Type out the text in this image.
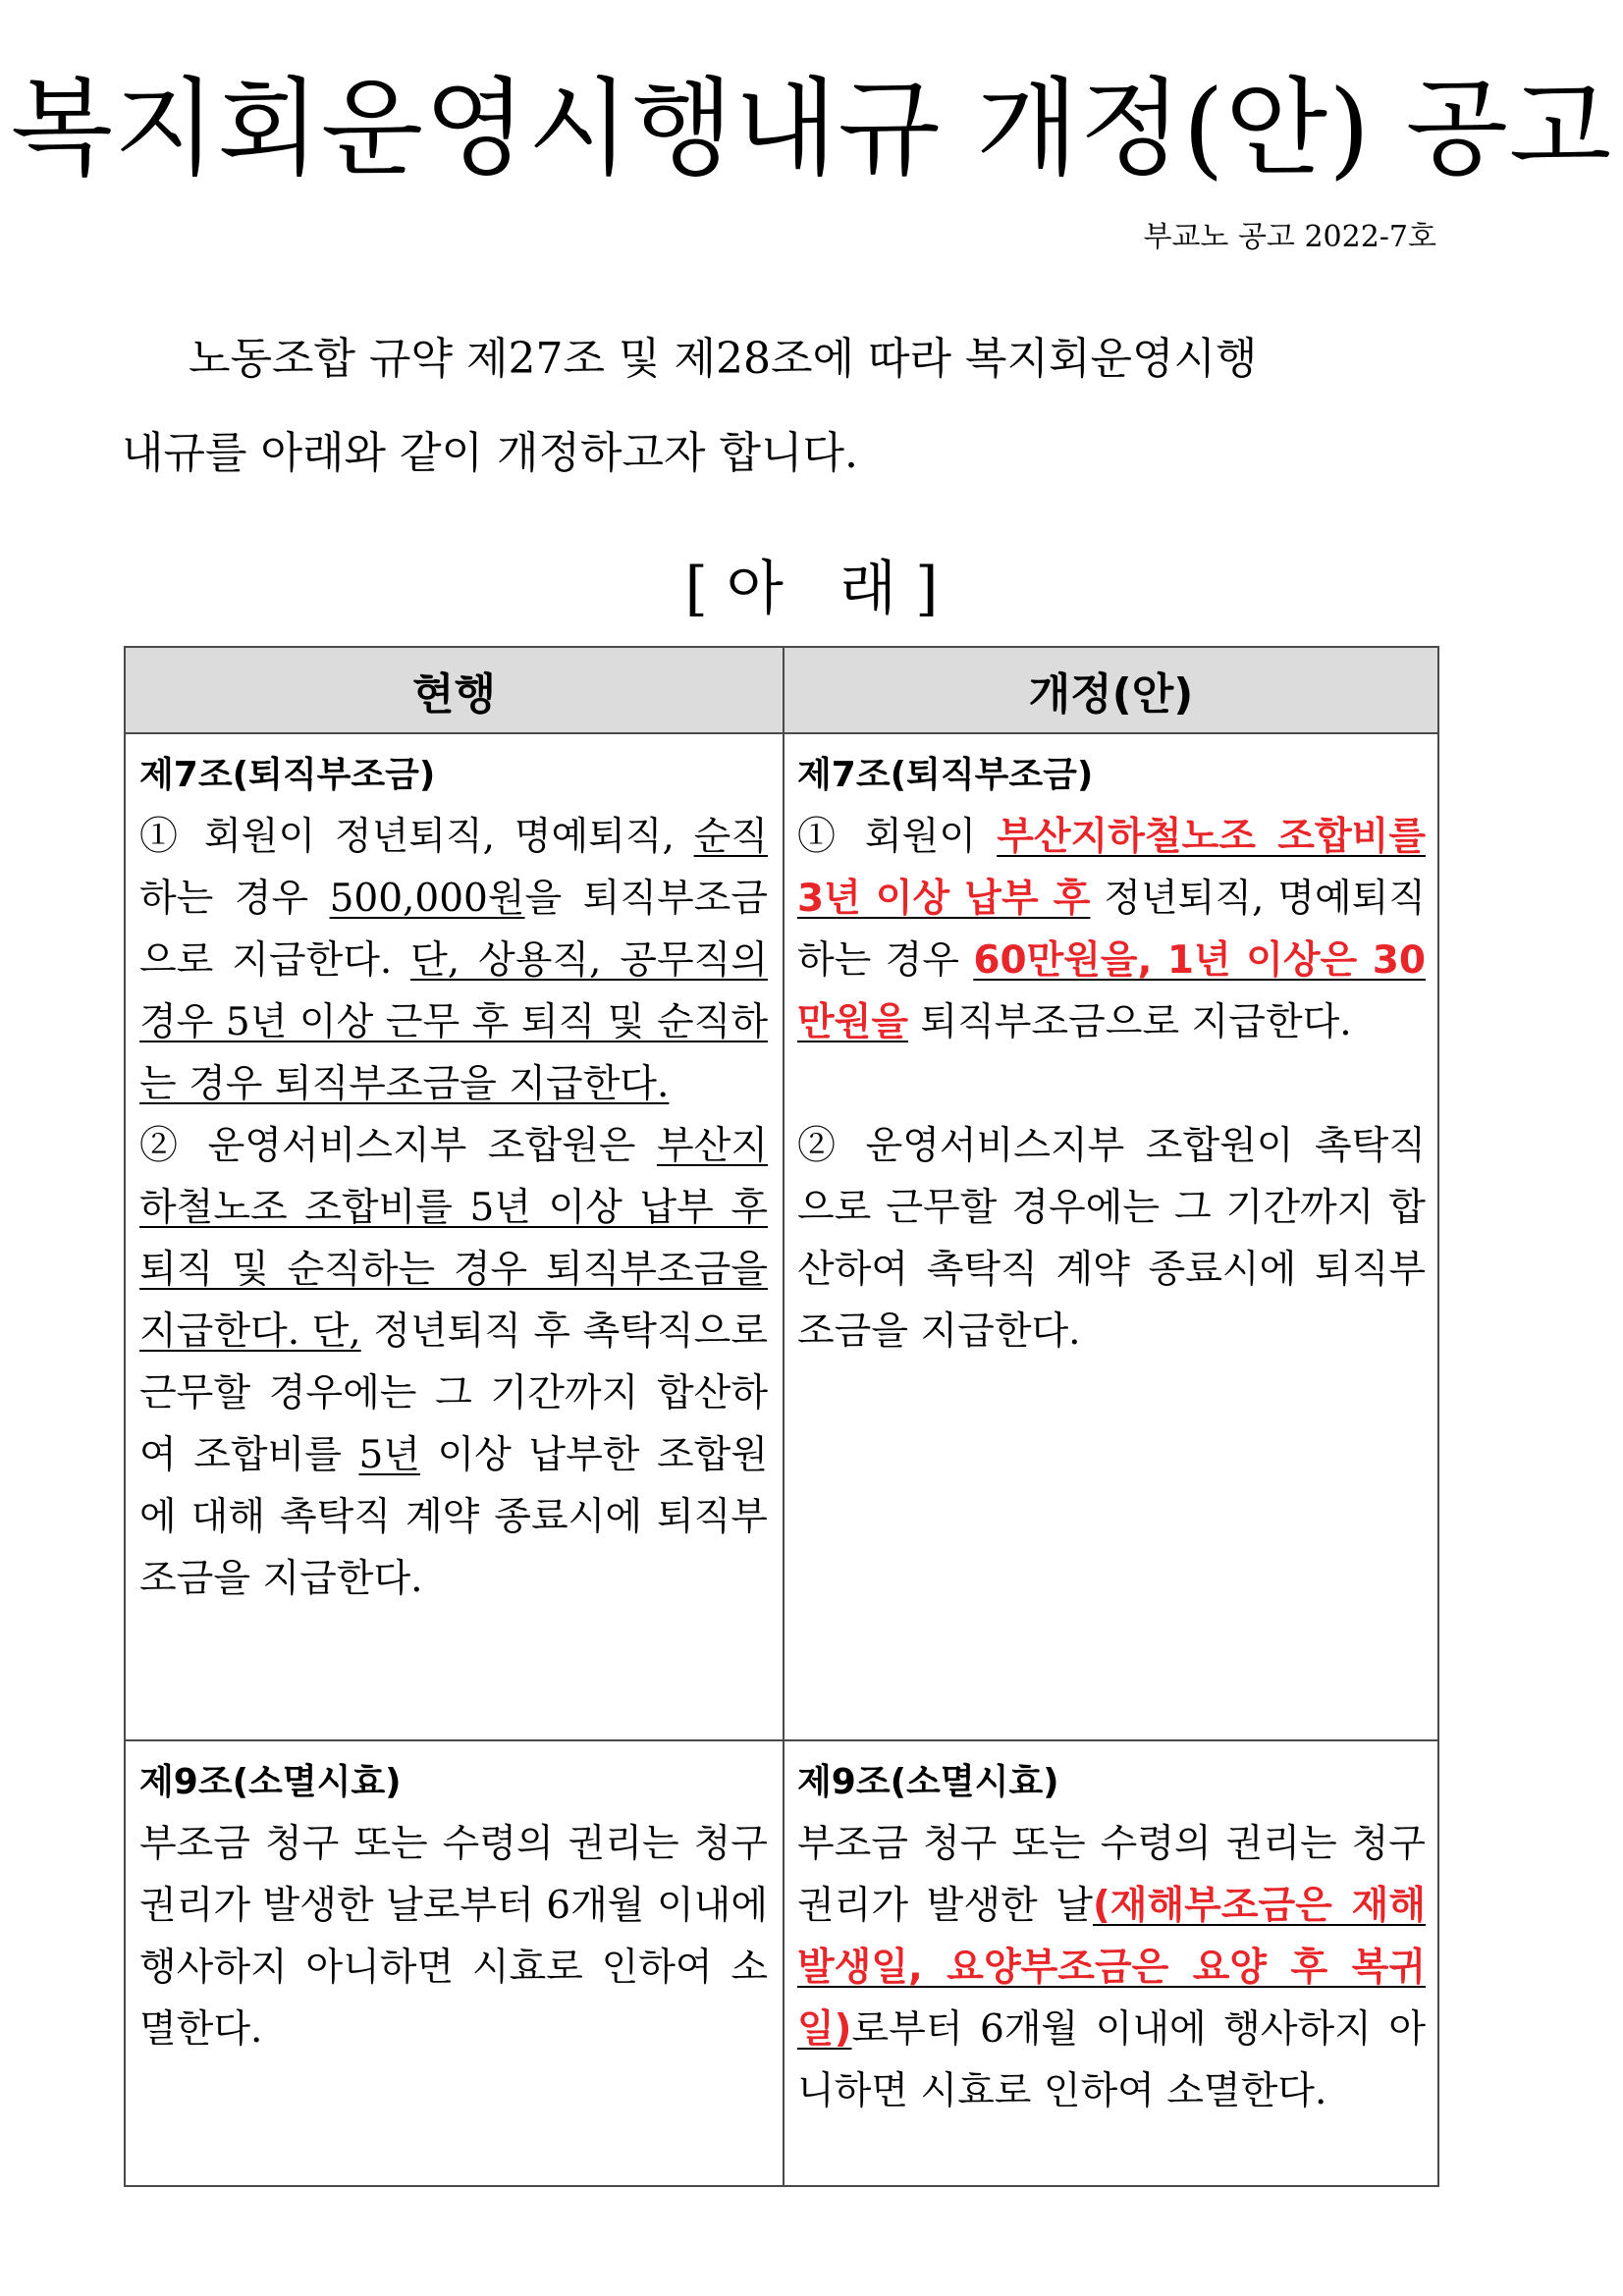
복지회운영시행내규 개정(안) 공고
부교노 공고 2022-7호
노동조합 규약 제27조 및 제28조에 따라 복지회운영시행
내규를 아래와 같이 개정하고자 합니다.
[ 아   래 ]
현행	개정(안)
제7조(퇴직부조금)
① 회원이 정년퇴직, 명예퇴직, 순직하는 경우 500,000원을 퇴직부조금으로 지급한다. 단, 상용직, 공무직의 경우 5년 이상 근무 후 퇴직 및 순직하는 경우 퇴직부조금을 지급한다.
② 운영서비스지부 조합원은 부산지하철노조 조합비를 5년 이상 납부 후 퇴직 및 순직하는 경우 퇴직부조금을 지급한다. 단, 정년퇴직 후 촉탁직으로 근무할 경우에는 그 기간까지 합산하여 조합비를 5년 이상 납부한 조합원에 대해 촉탁직 계약 종료시에 퇴직부조금을 지급한다.
제7조(퇴직부조금)
① 회원이 부산지하철노조 조합비를 3년 이상 납부 후 정년퇴직, 명예퇴직하는 경우 60만원을, 1년 이상은 30만원을 퇴직부조금으로 지급한다.
② 운영서비스지부 조합원이 촉탁직으로 근무할 경우에는 그 기간까지 합산하여 촉탁직 계약 종료시에 퇴직부조금을 지급한다.
제9조(소멸시효)
부조금 청구 또는 수령의 권리는 청구권리가 발생한 날로부터 6개월 이내에 행사하지 아니하면 시효로 인하여 소멸한다.
제9조(소멸시효)
부조금 청구 또는 수령의 권리는 청구권리가 발생한 날(재해부조금은 재해 발생일, 요양부조금은 요양 후 복귀일)로부터 6개월 이내에 행사하지 아니하면 시효로 인하여 소멸한다.
